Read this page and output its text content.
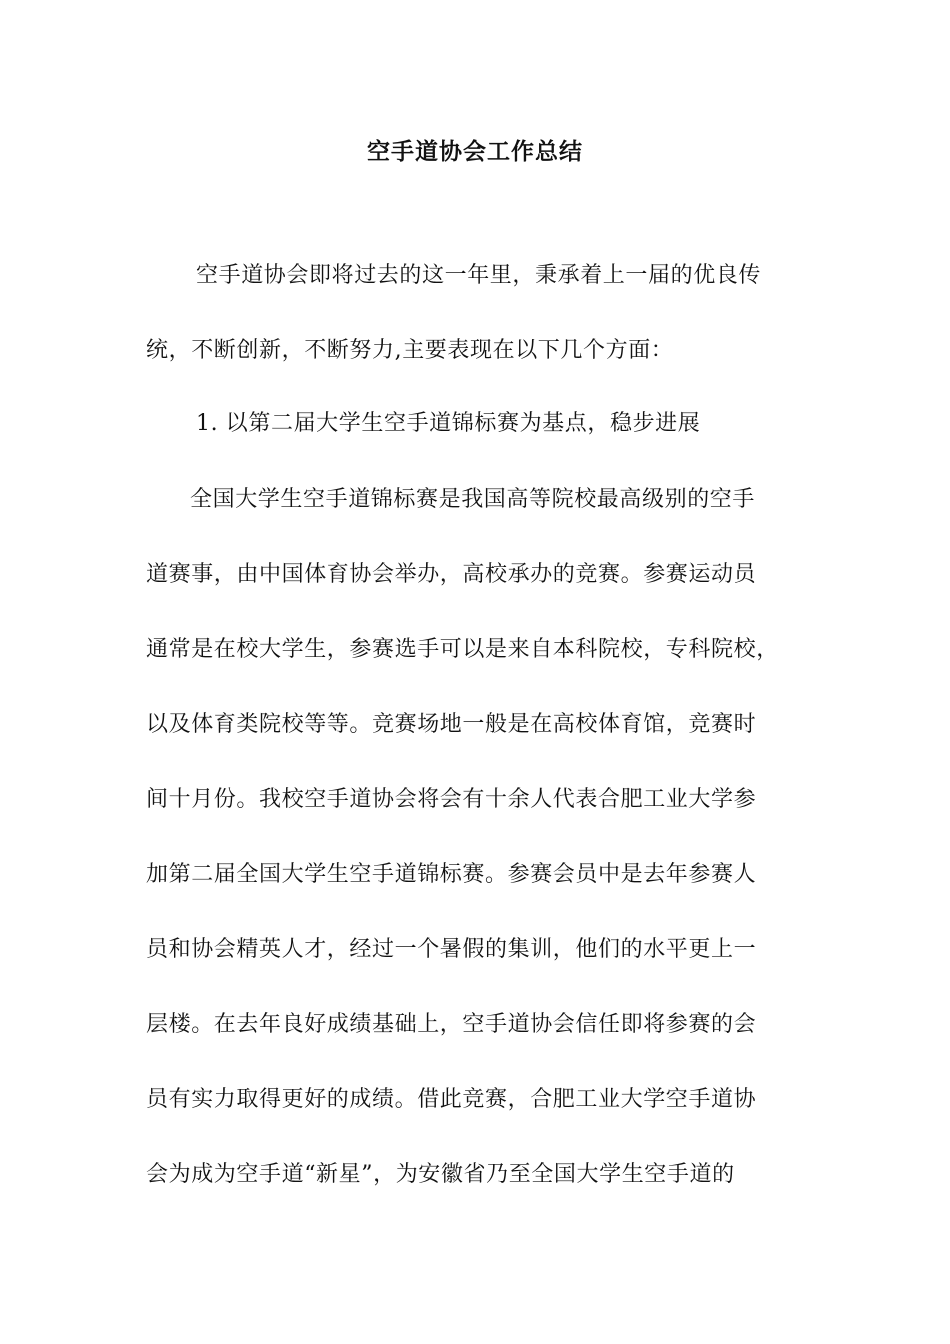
空手道协会工作总结
空手道协会即将过去的这一年里，秉承着上一届的优良传
统，不断创新，不断努力,主要表现在以下几个方面：
1. 以第二届大学生空手道锦标赛为基点，稳步进展
全国大学生空手道锦标赛是我国高等院校最高级别的空手
道赛事，由中国体育协会举办，高校承办的竞赛。参赛运动员
通常是在校大学生，参赛选手可以是来自本科院校，专科院校，
以及体育类院校等等。竞赛场地一般是在高校体育馆，竞赛时
间十月份。我校空手道协会将会有十余人代表合肥工业大学参
加第二届全国大学生空手道锦标赛。参赛会员中是去年参赛人
员和协会精英人才，经过一个暑假的集训，他们的水平更上一
层楼。在去年良好成绩基础上，空手道协会信任即将参赛的会
员有实力取得更好的成绩。借此竞赛，合肥工业大学空手道协
会为成为空手道“新星”，为安徽省乃至全国大学生空手道的
